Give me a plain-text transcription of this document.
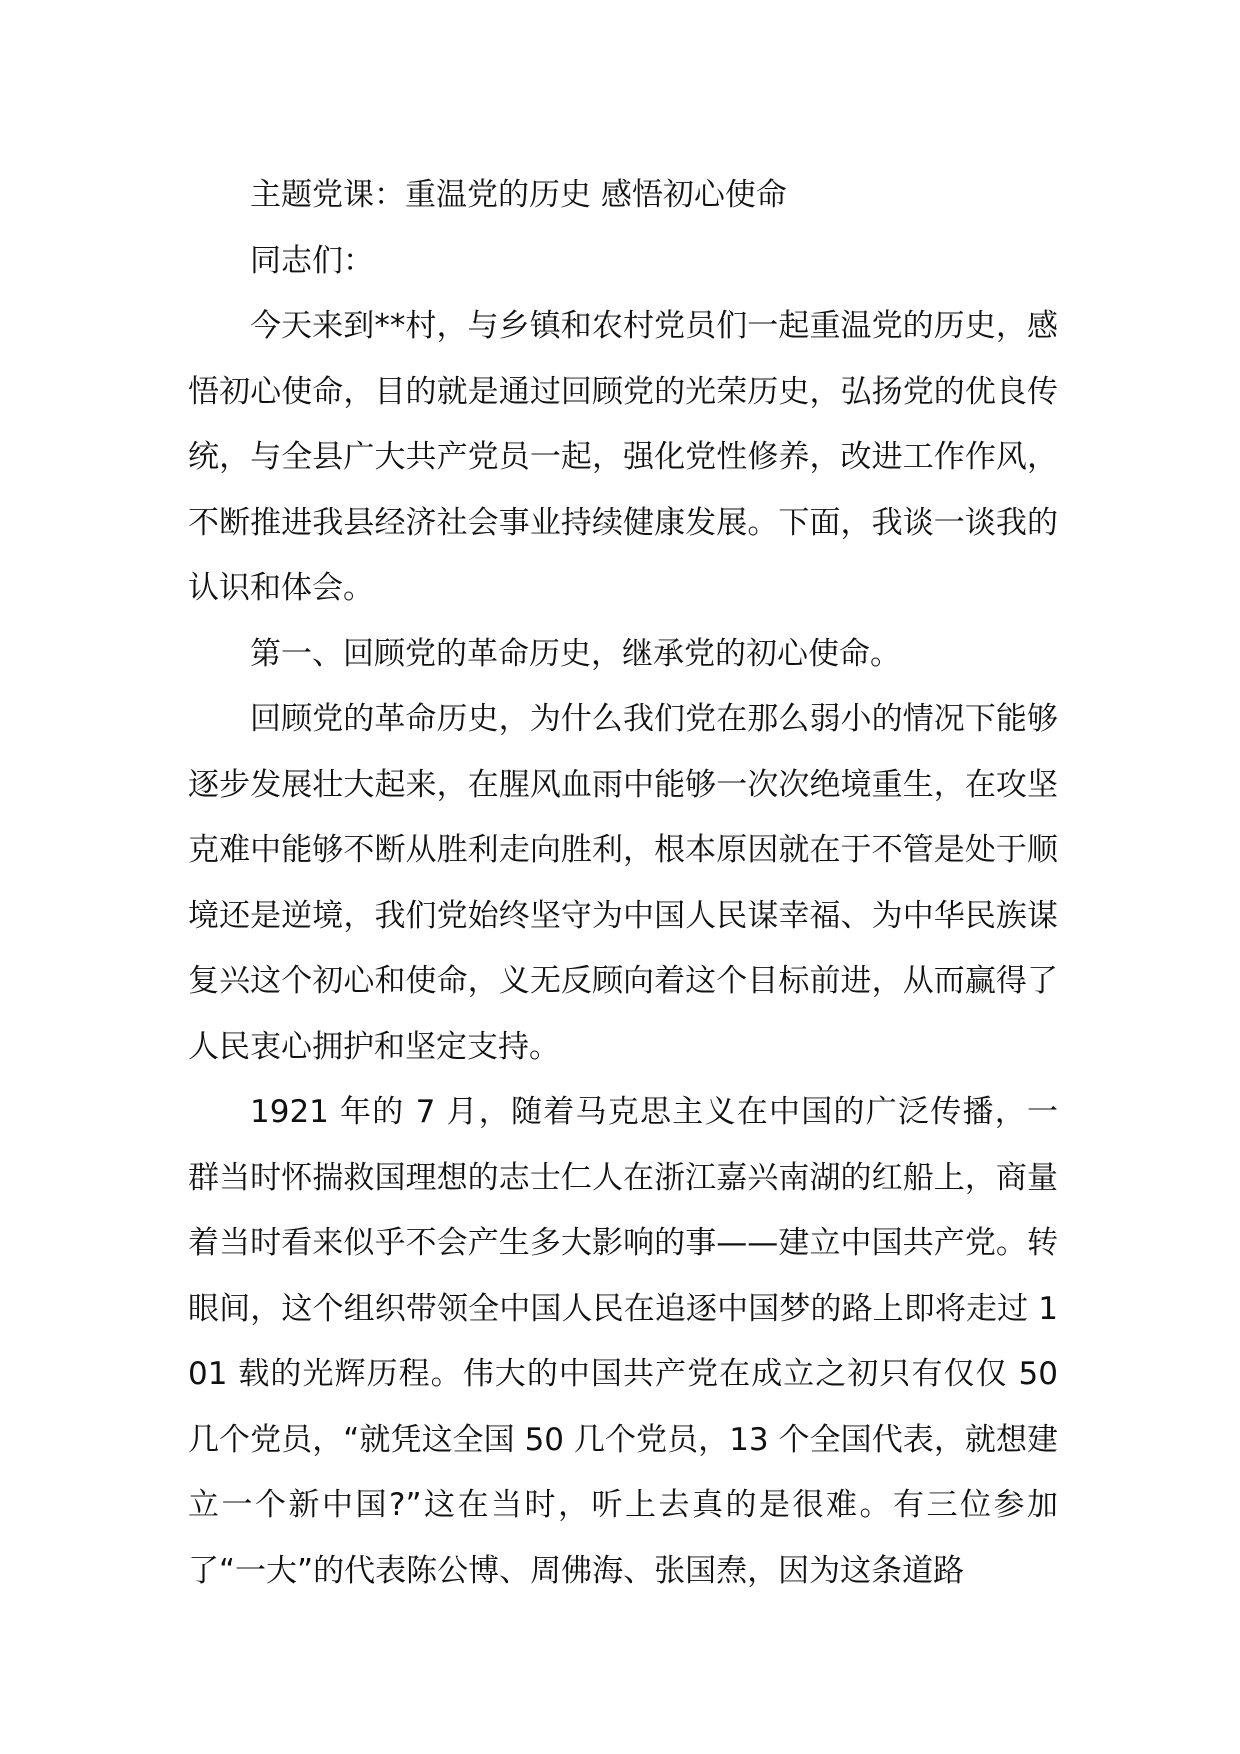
主题党课：重温党的历史 感悟初心使命

同志们：

今天来到**村，与乡镇和农村党员们一起重温党的历史，感悟初心使命，目的就是通过回顾党的光荣历史，弘扬党的优良传统，与全县广大共产党员一起，强化党性修养，改进工作作风，不断推进我县经济社会事业持续健康发展。下面，我谈一谈我的认识和体会。

第一、回顾党的革命历史，继承党的初心使命。

回顾党的革命历史，为什么我们党在那么弱小的情况下能够逐步发展壮大起来，在腥风血雨中能够一次次绝境重生，在攻坚克难中能够不断从胜利走向胜利，根本原因就在于不管是处于顺境还是逆境，我们党始终坚守为中国人民谋幸福、为中华民族谋复兴这个初心和使命，义无反顾向着这个目标前进，从而赢得了人民衷心拥护和坚定支持。

1921 年的 7 月，随着马克思主义在中国的广泛传播，一群当时怀揣救国理想的志士仁人在浙江嘉兴南湖的红船上，商量着当时看来似乎不会产生多大影响的事——建立中国共产党。转眼间，这个组织带领全中国人民在追逐中国梦的路上即将走过 101 载的光辉历程。伟大的中国共产党在成立之初只有仅仅 50 几个党员，“就凭这全国 50 几个党员，13 个全国代表，就想建立一个新中国?”这在当时，听上去真的是很难。有三位参加了“一大”的代表陈公博、周佛海、张国焘，因为这条道路
